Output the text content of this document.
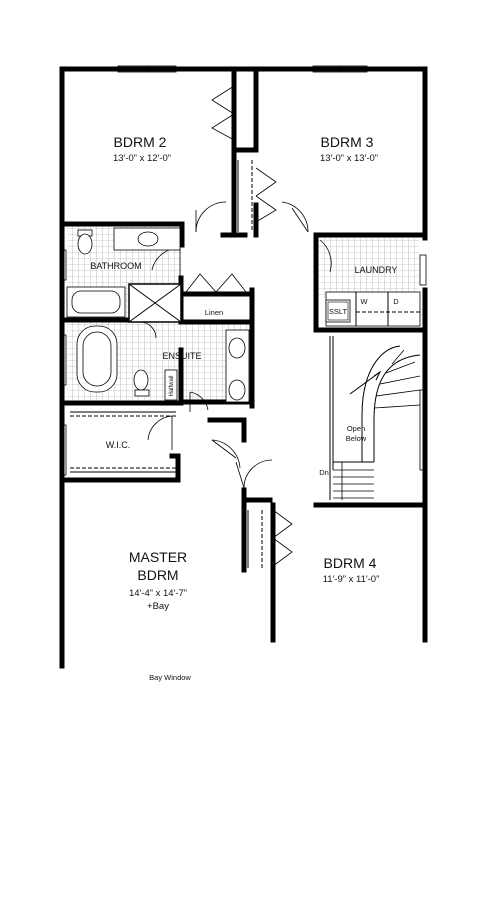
BDRM 2
13′-0” x 12′-0”
BDRM 3
13′-0” x 13′-0”
BATHROOM	LAUNDRY
ENSUITE
W.I.C.
MASTER
BDRM
14′-4” x 14′-7”
+Bay
BDRM 4
11′-9” x 11′-0”
Linen
W	D
SSLT
Open
Below
Dn
Halfwall
Bay Window
